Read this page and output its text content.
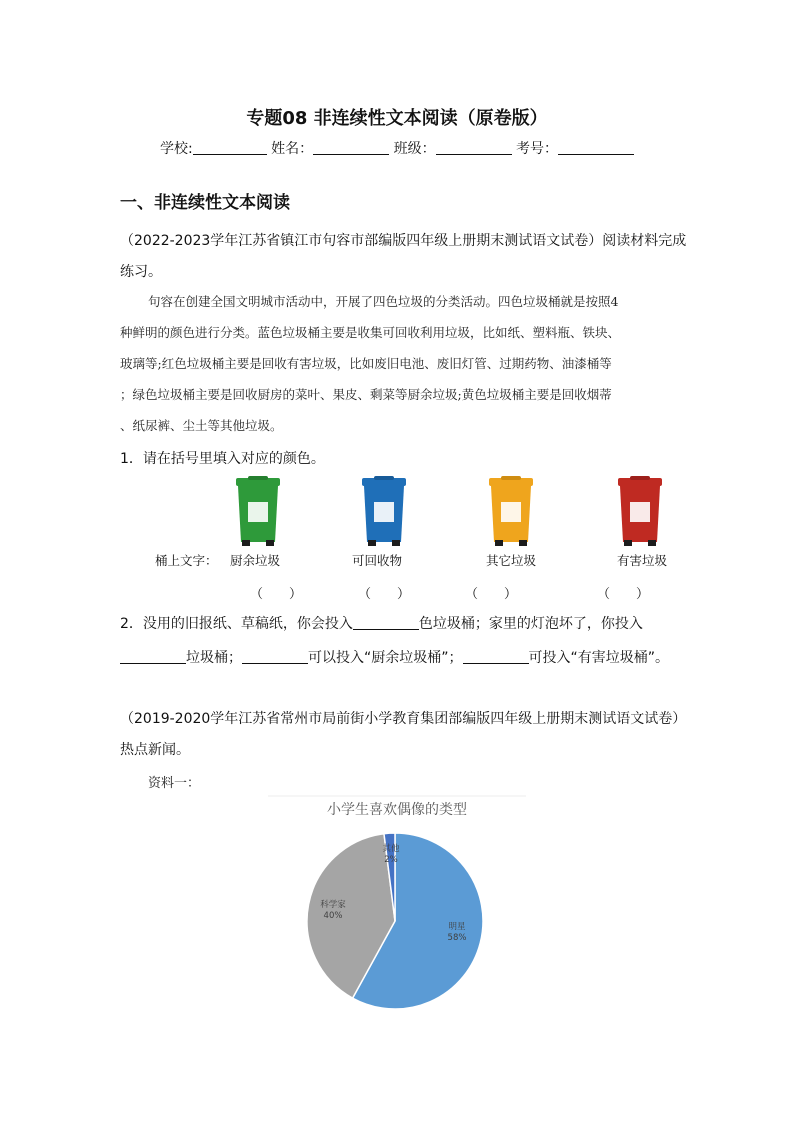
专题08 非连续性文本阅读（原卷版）
学校:	姓名：	班级：	考号：
一、非连续性文本阅读
（2022-2023学年江苏省镇江市句容市部编版四年级上册期末测试语文试卷）阅读材料完成
练习。
句容在创建全国文明城市活动中，开展了四色垃圾的分类活动。四色垃圾桶就是按照4
种鲜明的颜色进行分类。蓝色垃圾桶主要是收集可回收利用垃圾，比如纸、塑料瓶、铁块、
玻璃等;红色垃圾桶主要是回收有害垃圾，比如废旧电池、废旧灯管、过期药物、油漆桶等
；绿色垃圾桶主要是回收厨房的菜叶、果皮、剩菜等厨余垃圾;黄色垃圾桶主要是回收烟蒂
、纸尿裤、尘土等其他垃圾。
1．请在括号里填入对应的颜色。
桶上文字： 厨余垃圾	可回收物	其它垃圾	有害垃圾
（　　）	（　　）	（　　）	（　　）
2．没用的旧报纸、草稿纸，你会投入	色垃圾桶；家里的灯泡坏了，你投入
垃圾桶；	可以投入“厨余垃圾桶”；	可投入“有害垃圾桶”。
（2019-2020学年江苏省常州市局前街小学教育集团部编版四年级上册期末测试语文试卷）
热点新闻。
资料一：
小学生喜欢偶像的类型
明星
58%
科学家
40%
其他
2%
